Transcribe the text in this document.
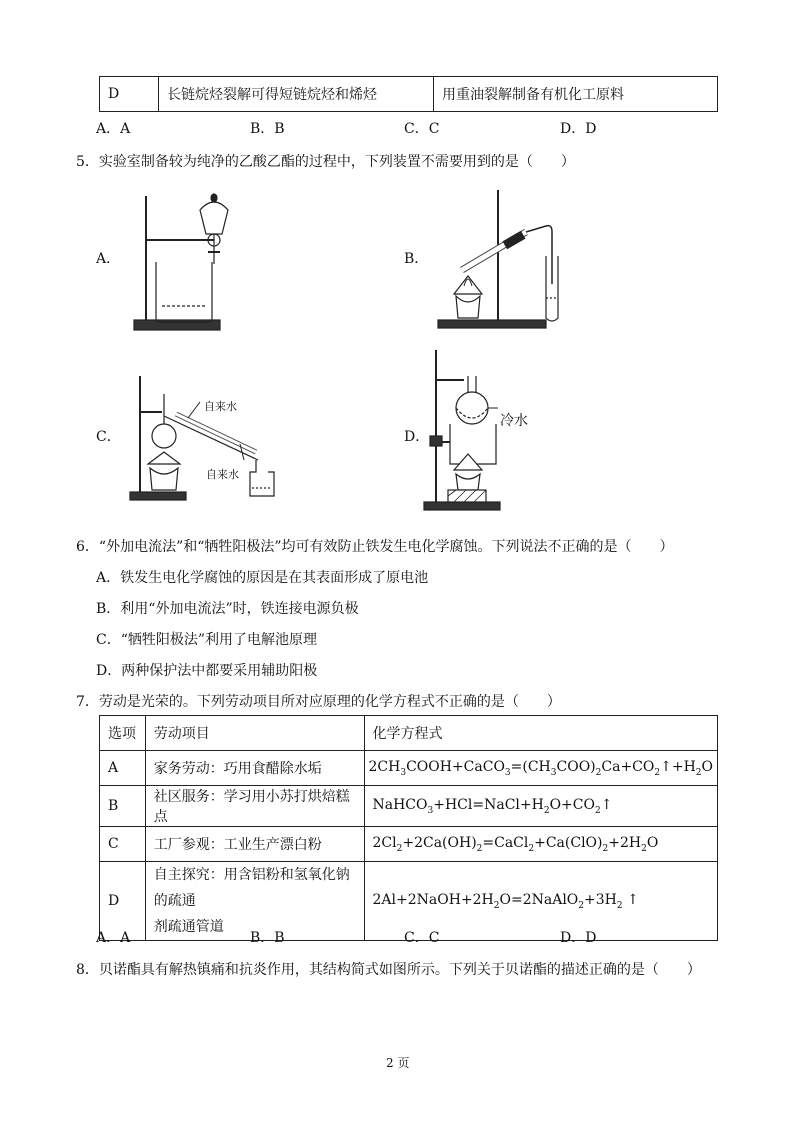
D	长链烷烃裂解可得短链烷烃和烯烃	用重油裂解制备有机化工原料
A．A	B．B	C．C	D．D
5．实验室制备较为纯净的乙酸乙酯的过程中，下列装置不需要用到的是（　　）
A．	B．
C．	D．
自来水
自来水
冷水
6．“外加电流法”和“牺牲阳极法”均可有效防止铁发生电化学腐蚀。下列说法不正确的是（　　）
A．铁发生电化学腐蚀的原因是在其表面形成了原电池
B．利用“外加电流法”时，铁连接电源负极
C．“牺牲阳极法”利用了电解池原理
D．两种保护法中都要采用辅助阳极
7．劳动是光荣的。下列劳动项目所对应原理的化学方程式不正确的是（　　）
选项	劳动项目	化学方程式
A	家务劳动：巧用食醋除水垢	$2CH_3COOH+CaCO_3=(CH_3COO)_2Ca+CO_2↑+H_2O$
B	社区服务：学习用小苏打烘焙糕点	$NaHCO_3+HCl=NaCl+H_2O+CO_2↑$
C	工厂参观：工业生产漂白粉	$2Cl_2+2Ca(OH)_2=CaCl_2+Ca(ClO)_2+2H_2O$
D	自主探究：用含铝粉和氢氧化钠的疏通
剂疏通管道	$2Al+2NaOH+2H_2O=2NaAlO_2+3H_2$ ↑
A．A	B．B	C．C	D．D
8．贝诺酯具有解热镇痛和抗炎作用，其结构简式如图所示。下列关于贝诺酯的描述正确的是（　　）
2 页
